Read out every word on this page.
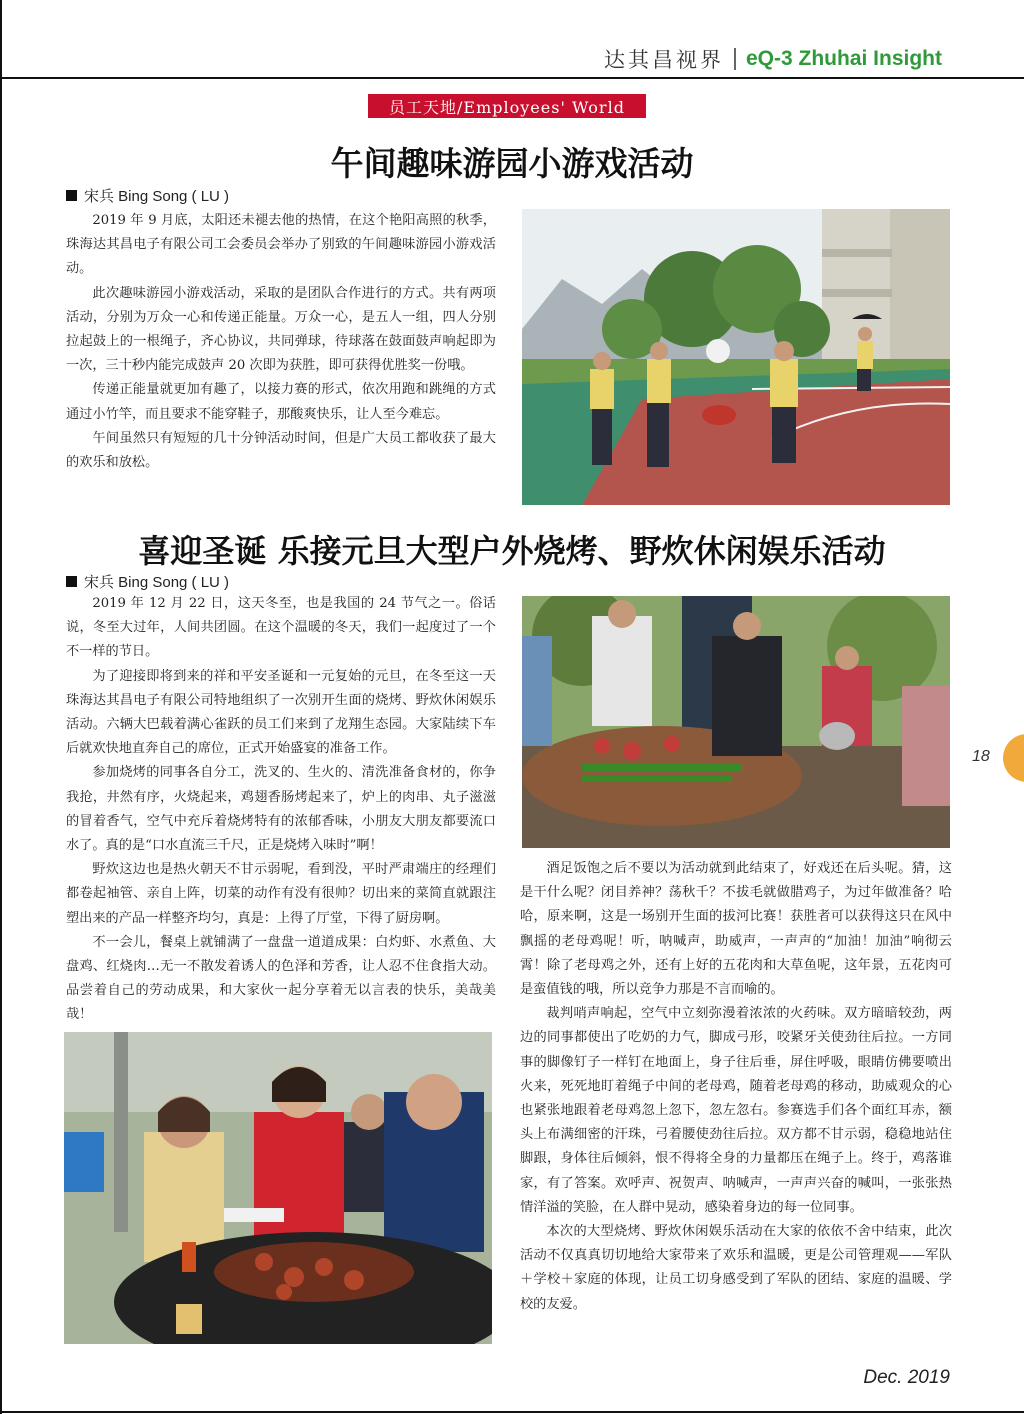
达其昌视界 eQ-3 Zhuhai Insight
员工天地/Employees' World
午间趣味游园小游戏活动
宋兵 Bing Song ( LU )

2019 年 9 月底，太阳还未褪去他的热情，在这个艳阳高照的秋季，珠海达其昌电子有限公司工会委员会举办了别致的午间趣味游园小游戏活动。

此次趣味游园小游戏活动，采取的是团队合作进行的方式。共有两项活动，分别为万众一心和传递正能量。万众一心，是五人一组，四人分别拉起鼓上的一根绳子，齐心协议，共同弹球，待球落在鼓面鼓声响起即为一次，三十秒内能完成鼓声 20 次即为获胜，即可获得优胜奖一份哦。

传递正能量就更加有趣了，以接力赛的形式，依次用跑和跳绳的方式通过小竹竿，而且要求不能穿鞋子，那酸爽快乐，让人至今难忘。

午间虽然只有短短的几十分钟活动时间，但是广大员工都收获了最大的欢乐和放松。

喜迎圣诞 乐接元旦大型户外烧烤、野炊休闲娱乐活动
宋兵 Bing Song ( LU )

2019 年 12 月 22 日，这天冬至，也是我国的 24 节气之一。俗话说，冬至大过年，人间共团圆。在这个温暖的冬天，我们一起度过了一个不一样的节日。

为了迎接即将到来的祥和平安圣诞和一元复始的元旦，在冬至这一天珠海达其昌电子有限公司特地组织了一次别开生面的烧烤、野炊休闲娱乐活动。六辆大巴载着满心雀跃的员工们来到了龙翔生态园。大家陆续下车后就欢快地直奔自己的席位，正式开始盛宴的准备工作。

参加烧烤的同事各自分工，洗叉的、生火的、清洗准备食材的，你争我抢，井然有序，火烧起来，鸡翅香肠烤起来了，炉上的肉串、丸子滋滋的冒着香气，空气中充斥着烧烤特有的浓郁香味，小朋友大朋友都要流口水了。真的是“口水直流三千尺，正是烧烤入味时”啊！

野炊这边也是热火朝天不甘示弱呢，看到没，平时严肃端庄的经理们都卷起袖管、亲自上阵，切菜的动作有没有很帅？切出来的菜简直就跟注塑出来的产品一样整齐均匀，真是：上得了厅堂，下得了厨房啊。

不一会儿，餐桌上就铺满了一盘盘一道道成果：白灼虾、水煮鱼、大盘鸡、红烧肉…无一不散发着诱人的色泽和芳香，让人忍不住食指大动。品尝着自己的劳动成果，和大家伙一起分享着无以言表的快乐，美哉美哉！

酒足饭饱之后不要以为活动就到此结束了，好戏还在后头呢。猜，这是干什么呢？闭目养神？荡秋千？不拔毛就做腊鸡子，为过年做准备？哈哈，原来啊，这是一场别开生面的拔河比赛！获胜者可以获得这只在风中飘摇的老母鸡呢！听，呐喊声，助威声，一声声的“加油！加油”响彻云霄！除了老母鸡之外，还有上好的五花肉和大草鱼呢，这年景，五花肉可是蛮值钱的哦，所以竞争力那是不言而喻的。

裁判哨声响起，空气中立刻弥漫着浓浓的火药味。双方暗暗较劲，两边的同事都使出了吃奶的力气，脚成弓形，咬紧牙关使劲往后拉。一方同事的脚像钉子一样钉在地面上，身子往后垂，屏住呼吸，眼睛仿佛要喷出火来，死死地盯着绳子中间的老母鸡，随着老母鸡的移动，助威观众的心也紧张地跟着老母鸡忽上忽下，忽左忽右。参赛选手们各个面红耳赤，额头上布满细密的汗珠，弓着腰使劲往后拉。双方都不甘示弱，稳稳地站住脚跟，身体往后倾斜，恨不得将全身的力量都压在绳子上。终于，鸡落谁家，有了答案。欢呼声、祝贺声、呐喊声，一声声兴奋的喊叫，一张张热情洋溢的笑脸，在人群中晃动，感染着身边的每一位同事。

本次的大型烧烤、野炊休闲娱乐活动在大家的依依不舍中结束，此次活动不仅真真切切地给大家带来了欢乐和温暖，更是公司管理观——军队＋学校＋家庭的体现，让员工切身感受到了军队的团结、家庭的温暖、学校的友爱。

18
Dec. 2019
